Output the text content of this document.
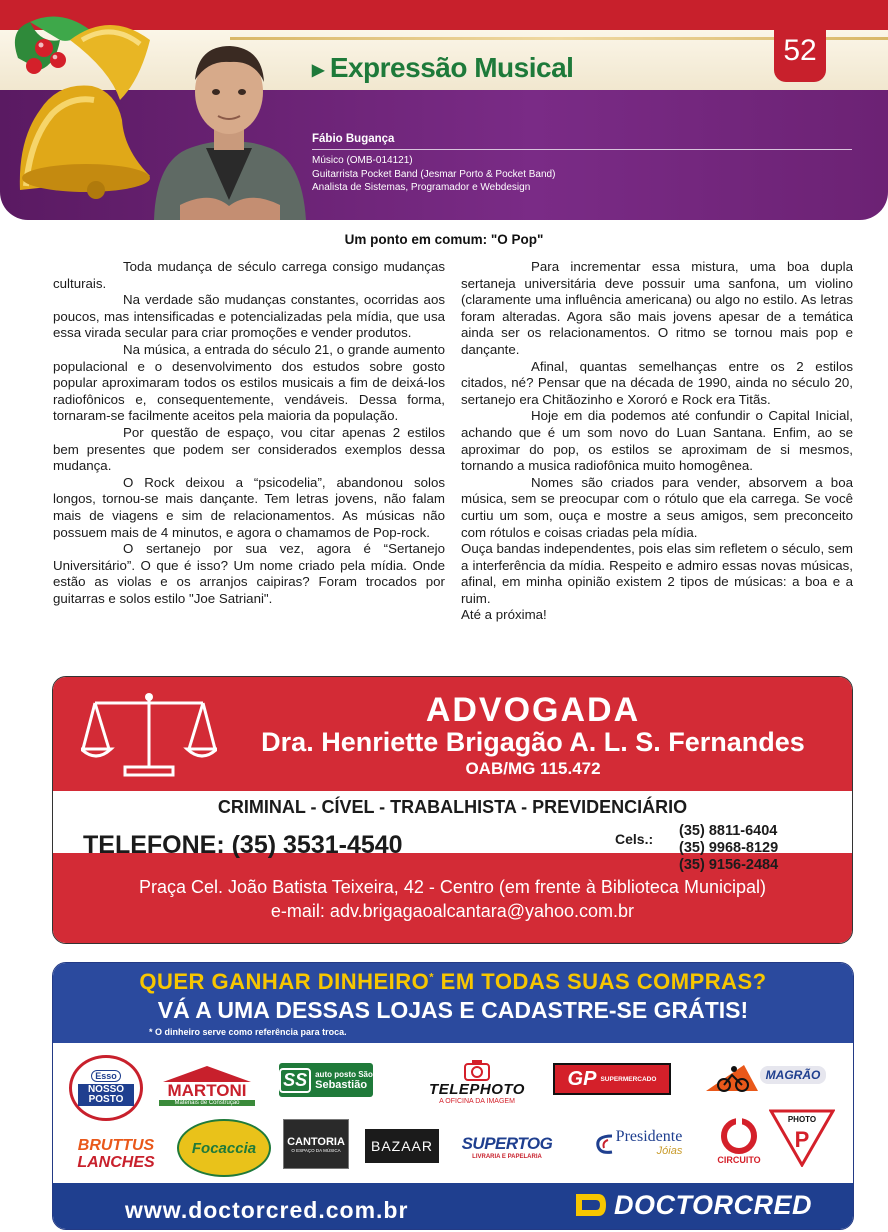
▶ Expressão Musical
52
Fábio Bugança
Músico (OMB-014121)
Guitarrista Pocket Band (Jesmar Porto & Pocket Band)
Analista de Sistemas, Programador e Webdesign
Um ponto em comum: "O Pop"

Toda mudança de século carrega consigo mudanças culturais.

Na verdade são mudanças constantes, ocorridas aos poucos, mas intensificadas e potencializadas pela mídia, que usa essa virada secular para criar promoções e vender produtos.

Na música, a entrada do século 21, o grande aumento populacional e o desenvolvimento dos estudos sobre gosto popular aproximaram todos os estilos musicais a fim de deixá-los radiofônicos e, consequentemente, vendáveis. Dessa forma, tornaram-se facilmente aceitos pela maioria da população.

Por questão de espaço, vou citar apenas 2 estilos bem presentes que podem ser considerados exemplos dessa mudança.

O Rock deixou a “psicodelia”, abandonou solos longos, tornou-se mais dançante. Tem letras jovens, não falam mais de viagens e sim de relacionamentos. As músicas não possuem mais de 4 minutos, e agora o chamamos de Pop-rock.

O sertanejo por sua vez, agora é “Sertanejo Universitário”. O que é isso? Um nome criado pela mídia. Onde estão as violas e os arranjos caipiras? Foram trocados por guitarras e solos estilo "Joe Satriani".

Para incrementar essa mistura, uma boa dupla sertaneja universitária deve possuir uma sanfona, um violino (claramente uma influência americana) ou algo no estilo. As letras foram alteradas. Agora são mais jovens apesar de a temática ainda ser os relacionamentos. O ritmo se tornou mais pop e dançante.

Afinal, quantas semelhanças entre os 2 estilos citados, né? Pensar que na década de 1990, ainda no século 20, sertanejo era Chitãozinho e Xororó e Rock era Titãs.

Hoje em dia podemos até confundir o Capital Inicial, achando que é um som novo do Luan Santana. Enfim, ao se aproximar do pop, os estilos se aproximam de si mesmos, tornando a musica radiofônica muito homogênea.

Nomes são criados para vender, absorvem a boa música, sem se preocupar com o rótulo que ela carrega. Se você curtiu um som, ouça e mostre a seus amigos, sem preconceito com rótulos e coisas criadas pela mídia.

Ouça bandas independentes, pois elas sim refletem o século, sem a interferência da mídia. Respeito e admiro essas novas músicas, afinal, em minha opinião existem 2 tipos de músicas: a boa e a ruim.

Até a próxima!

ADVOGADA
Dra. Henriette Brigagão A. L. S. Fernandes
OAB/MG 115.472
CRIMINAL - CÍVEL - TRABALHISTA - PREVIDENCIÁRIO
TELEFONE: (35) 3531-4540	Cels.: (35) 8811-6404
(35) 9968-8129
(35) 9156-2484
Praça Cel. João Batista Teixeira, 42 - Centro (em frente à Biblioteca Municipal)
e-mail: adv.brigagaoalcantara@yahoo.com.br
QUER GANHAR DINHEIRO* EM TODAS SUAS COMPRAS?
VÁ A UMA DESSAS LOJAS E CADASTRE-SE GRÁTIS!
* O dinheiro serve como referência para troca.
Esso
NOSSO POSTO	MARTONI
Materiais de Construção
SS	auto posto São
Sebastião	TELEPHOTO
A OFICINA DA IMAGEM
GP SUPERMERCADO	MAGRÃO
BRUTTUS
LANCHES
Focaccia	CANTORIA
O ESPAÇO DA MÚSICA BAZAAR SUPERTOG
LIVRARIA E PAPELARIA
Presidente
Jóias
CIRCUITO
PHOTO
P
www.doctorcred.com.br	DOCTORCRED
